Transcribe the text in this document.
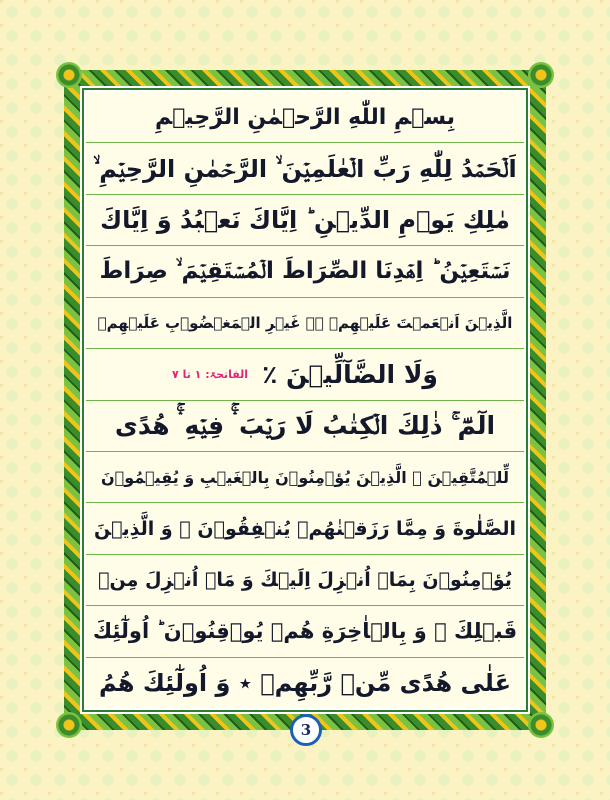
بِسۡمِ اللّٰهِ الرَّحۡمٰنِ الرَّحِیۡمِ
اَلۡحَمۡدُ لِلّٰهِ رَبِّ الۡعٰلَمِیۡنَ ۙ الرَّحۡمٰنِ الرَّحِیۡمِ ۙ
مٰلِكِ یَوۡمِ الدِّیۡنِ ؕ اِیَّاكَ نَعۡبُدُ وَ اِیَّاكَ
نَسۡتَعِیۡنُ ؕ اِهۡدِنَا الصِّرَاطَ الۡمُسۡتَقِیۡمَ ۙ صِرَاطَ
الَّذِیۡنَ اَنۡعَمۡتَ عَلَیۡهِمۡ ۙ۬ غَیۡرِ الۡمَغۡضُوۡبِ عَلَیۡهِمۡ
وَلَا الضَّآلِّیۡنَ ٪
الفاتحۃ: ۱ تا ۷
الٓمّٓ ۚ ذٰلِكَ الۡكِتٰبُ لَا رَیۡبَ ۛۚ فِیۡهِ ۛۚ هُدًی
لِّلۡمُتَّقِیۡنَ ۙ الَّذِیۡنَ یُؤۡمِنُوۡنَ بِالۡغَیۡبِ وَ یُقِیۡمُوۡنَ
الصَّلٰوةَ وَ مِمَّا رَزَقۡنٰهُمۡ یُنۡفِقُوۡنَ ۙ وَ الَّذِیۡنَ
یُؤۡمِنُوۡنَ بِمَاۤ اُنۡزِلَ اِلَیۡكَ وَ مَاۤ اُنۡزِلَ مِنۡ
قَبۡلِكَ ۚ وَ بِالۡاٰخِرَةِ هُمۡ یُوۡقِنُوۡنَ ؕ اُولٰٓئِكَ
عَلٰی هُدًی مِّنۡ رَّبِّهِمۡ ٭ وَ اُولٰٓئِكَ هُمُ
3
